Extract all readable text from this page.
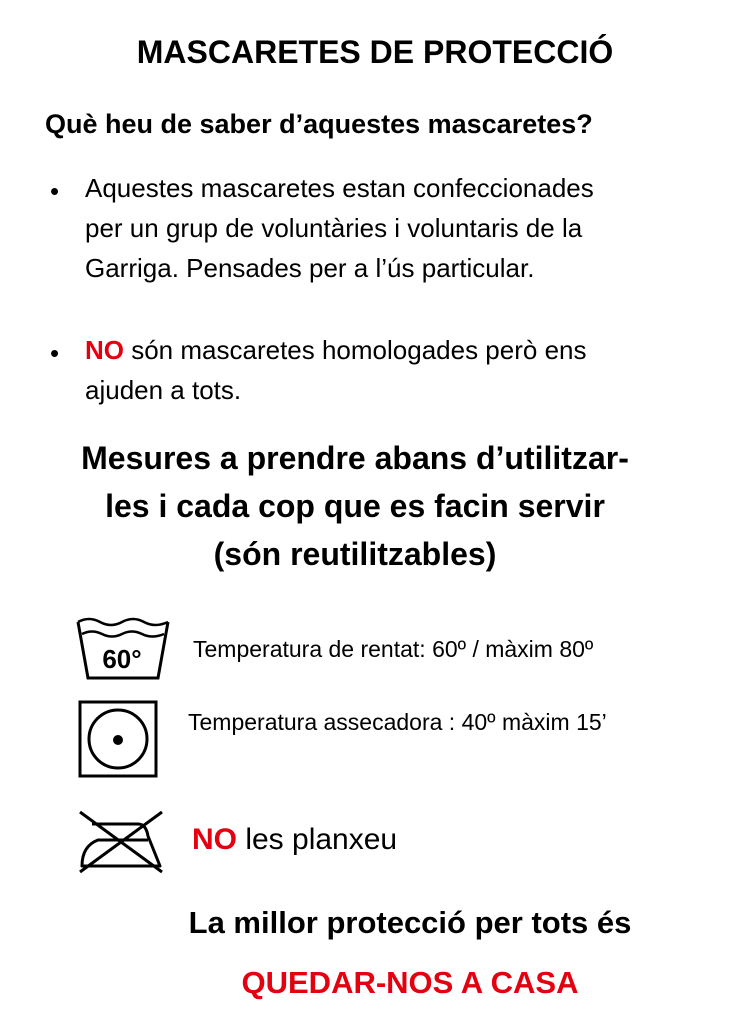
MASCARETES DE PROTECCIÓ
Què heu de saber d’aquestes mascaretes?
• Aquestes mascaretes estan confeccionades
per un grup de voluntàries i voluntaris de la
Garriga. Pensades per a l’ús particular.
• NO són mascaretes homologades però ens
ajuden a tots.
Mesures a prendre abans d’utilitzar-
les i cada cop que es facin servir
(són reutilitzables)
60° Temperatura de rentat: 60º / màxim 80º
Temperatura assecadora : 40º màxim 15’
NO les planxeu
La millor protecció per tots és
QUEDAR-NOS A CASA
